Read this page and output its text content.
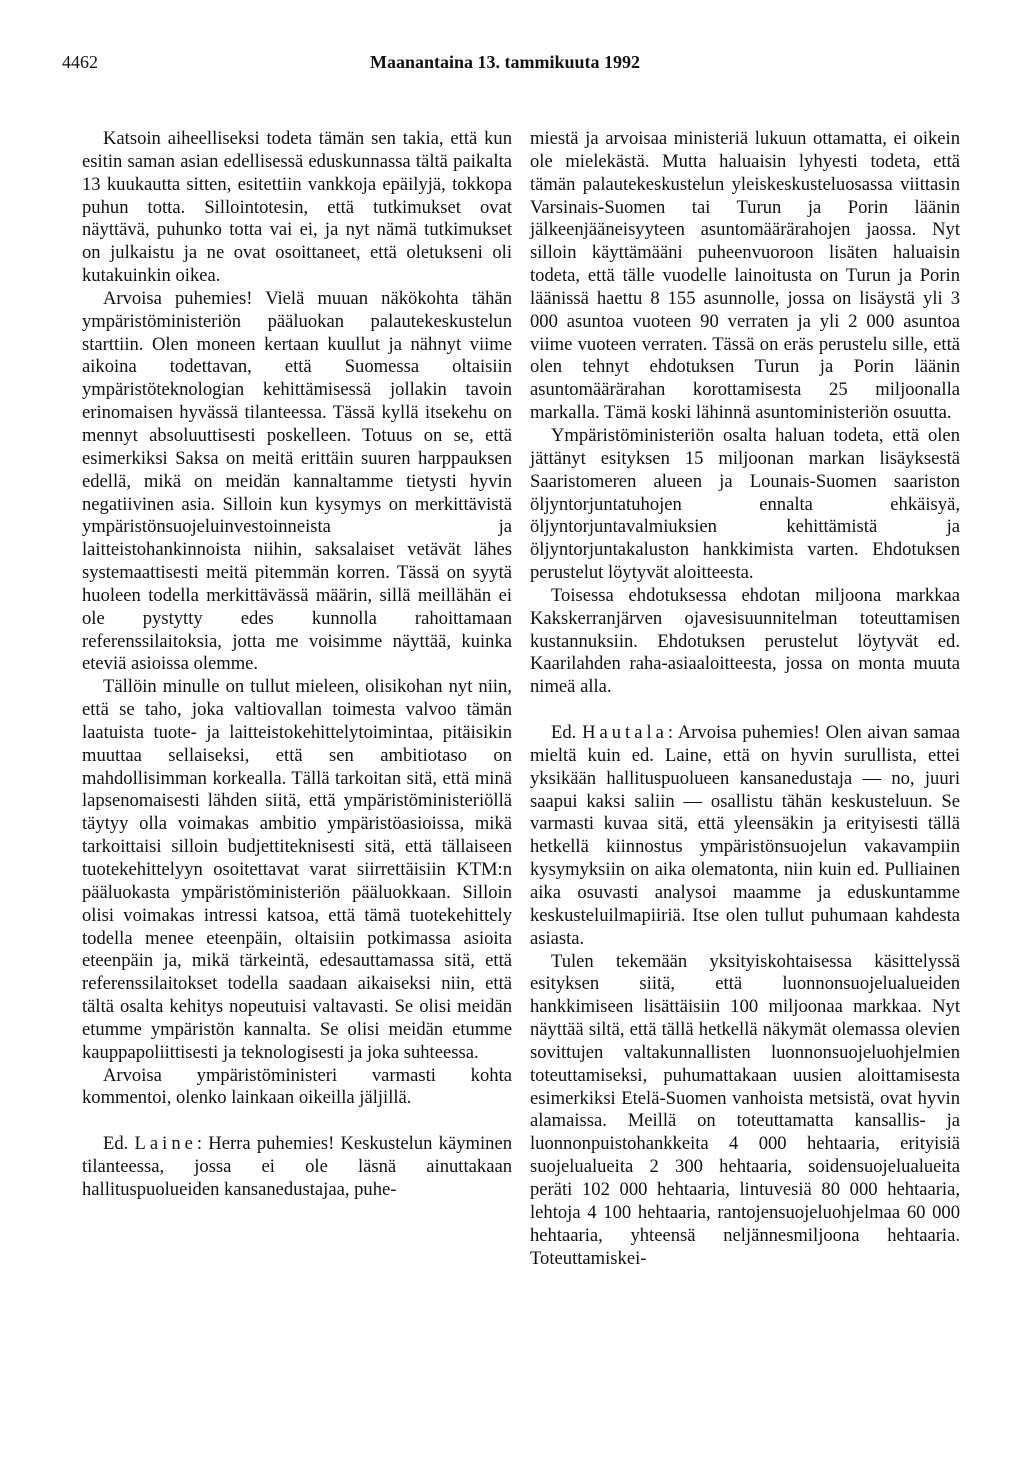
4462	Maanantaina 13. tammikuuta 1992

Katsoin aiheelliseksi todeta tämän sen takia, että kun esitin saman asian edellisessä eduskunnassa tältä paikalta 13 kuukautta sitten, esitettiin vankkoja epäilyjä, tokkopa puhun totta. Sillointotesin, että tutkimukset ovat näyttävä, puhunko totta vai ei, ja nyt nämä tutkimukset on julkaistu ja ne ovat osoittaneet, että oletukseni oli kutakuinkin oikea.

Arvoisa puhemies! Vielä muuan näkökohta tähän ympäristöministeriön pääluokan palautekeskustelun starttiin. Olen moneen kertaan kuullut ja nähnyt viime aikoina todettavan, että Suomessa oltaisiin ympäristöteknologian kehittämisessä jollakin tavoin erinomaisen hyvässä tilanteessa. Tässä kyllä itsekehu on mennyt absoluuttisesti poskelleen. Totuus on se, että esimerkiksi Saksa on meitä erittäin suuren harppauksen edellä, mikä on meidän kannaltamme tietysti hyvin negatiivinen asia. Silloin kun kysymys on merkittävistä ympäristönsuojeluinvestoinneista ja laitteistohankinnoista niihin, saksalaiset vetävät lähes systemaattisesti meitä pitemmän korren. Tässä on syytä huoleen todella merkittävässä määrin, sillä meillähän ei ole pystytty edes kunnolla rahoittamaan referenssilaitoksia, jotta me voisimme näyttää, kuinka eteviä asioissa olemme.

Tällöin minulle on tullut mieleen, olisikohan nyt niin, että se taho, joka valtiovallan toimesta valvoo tämän laatuista tuote- ja laitteistokehittelytoimintaa, pitäisikin muuttaa sellaiseksi, että sen ambitiotaso on mahdollisimman korkealla. Tällä tarkoitan sitä, että minä lapsenomaisesti lähden siitä, että ympäristöministeriöllä täytyy olla voimakas ambitio ympäristöasioissa, mikä tarkoittaisi silloin budjettiteknisesti sitä, että tällaiseen tuotekehittelyyn osoitettavat varat siirrettäisiin KTM:n pääluokasta ympäristöministeriön pääluokkaan. Silloin olisi voimakas intressi katsoa, että tämä tuotekehittely todella menee eteenpäin, oltaisiin potkimassa asioita eteenpäin ja, mikä tärkeintä, edesauttamassa sitä, että referenssilaitokset todella saadaan aikaiseksi niin, että tältä osalta kehitys nopeutuisi valtavasti. Se olisi meidän etumme ympäristön kannalta. Se olisi meidän etumme kauppapoliittisesti ja teknologisesti ja joka suhteessa.

Arvoisa ympäristöministeri varmasti kohta kommentoi, olenko lainkaan oikeilla jäljillä.

Ed. Laine: Herra puhemies! Keskustelun käyminen tilanteessa, jossa ei ole läsnä ainuttakaan hallituspuolueiden kansanedustajaa, puhe-

miestä ja arvoisaa ministeriä lukuun ottamatta, ei oikein ole mielekästä. Mutta haluaisin lyhyesti todeta, että tämän palautekeskustelun yleiskeskusteluosassa viittasin Varsinais-Suomen tai Turun ja Porin läänin jälkeenjääneisyyteen asuntomäärärahojen jaossa. Nyt silloin käyttämääni puheenvuoroon lisäten haluaisin todeta, että tälle vuodelle lainoitusta on Turun ja Porin läänissä haettu 8 155 asunnolle, jossa on lisäystä yli 3 000 asuntoa vuoteen 90 verraten ja yli 2 000 asuntoa viime vuoteen verraten. Tässä on eräs perustelu sille, että olen tehnyt ehdotuksen Turun ja Porin läänin asuntomäärärahan korottamisesta 25 miljoonalla markalla. Tämä koski lähinnä asuntoministeriön osuutta.

Ympäristöministeriön osalta haluan todeta, että olen jättänyt esityksen 15 miljoonan markan lisäyksestä Saaristomeren alueen ja Lounais-Suomen saariston öljyntorjuntatuhojen ennalta ehkäisyä, öljyntorjuntavalmiuksien kehittämistä ja öljyntorjuntakaluston hankkimista varten. Ehdotuksen perustelut löytyvät aloitteesta.

Toisessa ehdotuksessa ehdotan miljoona markkaa Kakskerranjärven ojavesisuunnitelman toteuttamisen kustannuksiin. Ehdotuksen perustelut löytyvät ed. Kaarilahden raha-asiaaloitteesta, jossa on monta muuta nimeä alla.

Ed. Hautala: Arvoisa puhemies! Olen aivan samaa mieltä kuin ed. Laine, että on hyvin surullista, ettei yksikään hallituspuolueen kansanedustaja — no, juuri saapui kaksi saliin — osallistu tähän keskusteluun. Se varmasti kuvaa sitä, että yleensäkin ja erityisesti tällä hetkellä kiinnostus ympäristönsuojelun vakavampiin kysymyksiin on aika olematonta, niin kuin ed. Pulliainen aika osuvasti analysoi maamme ja eduskuntamme keskusteluilmapiiriä. Itse olen tullut puhumaan kahdesta asiasta.

Tulen tekemään yksityiskohtaisessa käsittelyssä esityksen siitä, että luonnonsuojelualueiden hankkimiseen lisättäisiin 100 miljoonaa markkaa. Nyt näyttää siltä, että tällä hetkellä näkymät olemassa olevien sovittujen valtakunnallisten luonnonsuojeluohjelmien toteuttamiseksi, puhumattakaan uusien aloittamisesta esimerkiksi Etelä-Suomen vanhoista metsistä, ovat hyvin alamaissa. Meillä on toteuttamatta kansallis- ja luonnonpuistohankkeita 4 000 hehtaaria, erityisiä suojelualueita 2 300 hehtaaria, soidensuojelualueita peräti 102 000 hehtaaria, lintuvesiä 80 000 hehtaaria, lehtoja 4 100 hehtaaria, rantojensuojeluohjelmaa 60 000 hehtaaria, yhteensä neljännesmiljoona hehtaaria. Toteuttamiskei-
